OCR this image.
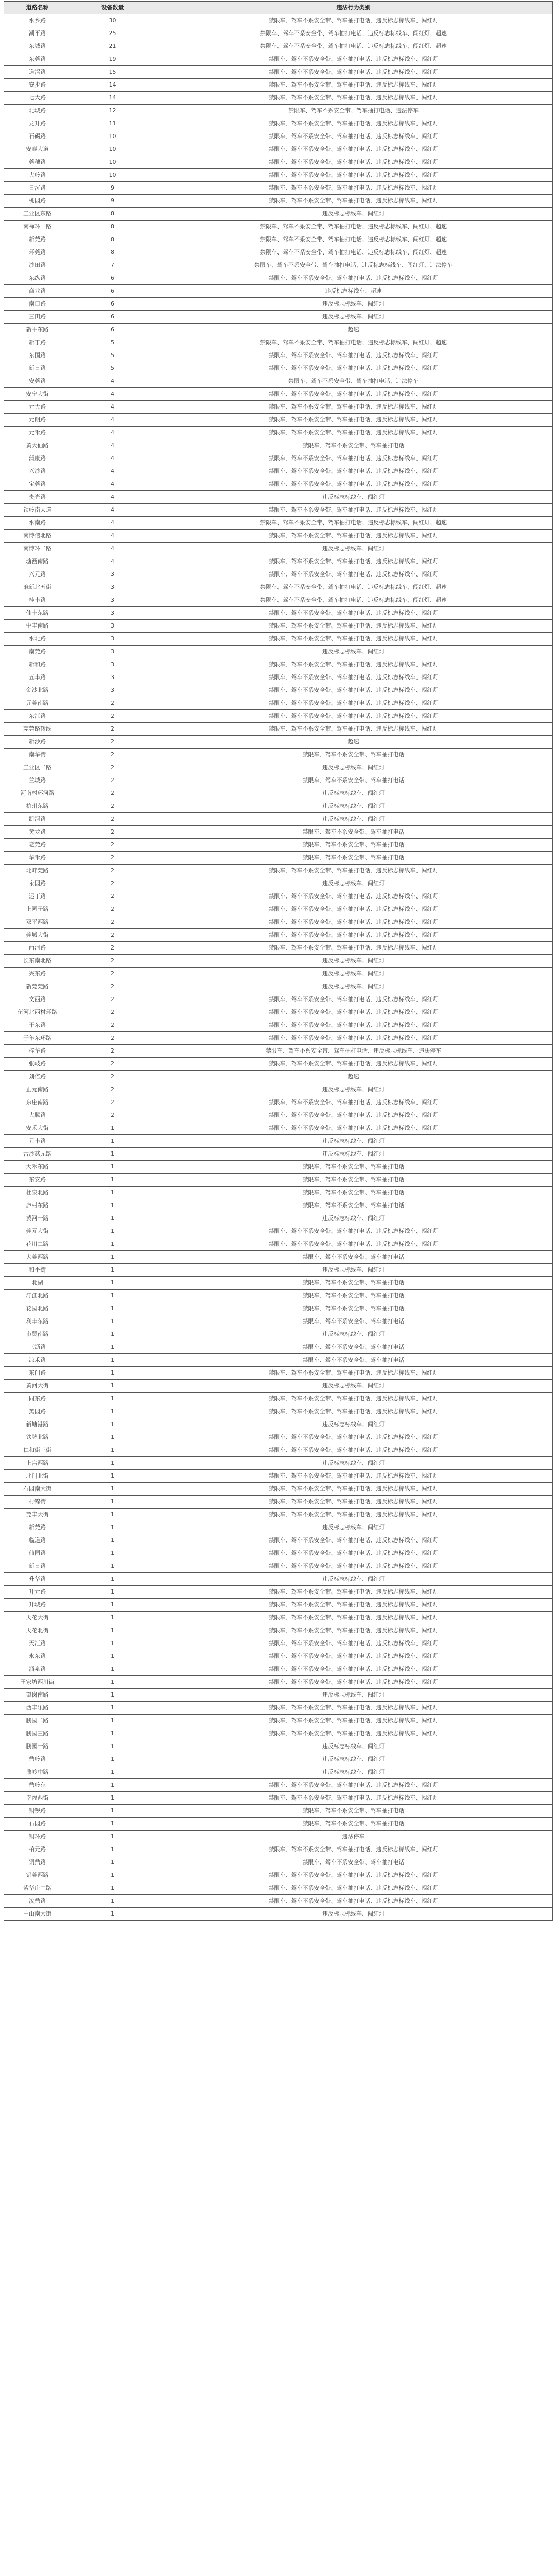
道路名称	设备数量	违法行为类别
水乡路	30	禁限车、驾车不系安全带、驾车抽打电话、违反标志标线车、闯红灯
潮平路	25	禁限车、驾车不系安全带、驾车抽打电话、违反标志标线车、闯红灯、超速
东城路	21	禁限车、驾车不系安全带、驾车抽打电话、违反标志标线车、闯红灯、超速
东莞路	19	禁限车、驾车不系安全带、驾车抽打电话、违反标志标线车、闯红灯
道滘路	15	禁限车、驾车不系安全带、驾车抽打电话、违反标志标线车、闯红灯
寮步路	14	禁限车、驾车不系安全带、驾车抽打电话、违反标志标线车、闯红灯
七大路	14	禁限车、驾车不系安全带、驾车抽打电话、违反标志标线车、闯红灯
北城路	12	禁限车、驾车不系安全带、驾车抽打电话、违法停车
龙升路	11	禁限车、驾车不系安全带、驾车抽打电话、违反标志标线车、闯红灯
石碣路	10	禁限车、驾车不系安全带、驾车抽打电话、违反标志标线车、闯红灯
安泰大道	10	禁限车、驾车不系安全带、驾车抽打电话、违反标志标线车、闯红灯
莞穗路	10	禁限车、驾车不系安全带、驾车抽打电话、违反标志标线车、闯红灯
大岭路	10	禁限车、驾车不系安全带、驾车抽打电话、违反标志标线车、闯红灯
日沉路	9	禁限车、驾车不系安全带、驾车抽打电话、违反标志标线车、闯红灯
桃园路	9	禁限车、驾车不系安全带、驾车抽打电话、违反标志标线车、闯红灯
工业区东路	8	违反标志标线车、闯红灯
南禅环一路	8	禁限车、驾车不系安全带、驾车抽打电话、违反标志标线车、闯红灯、超速
新莞路	8	禁限车、驾车不系安全带、驾车抽打电话、违反标志标线车、闯红灯、超速
环莞路	8	禁限车、驾车不系安全带、驾车抽打电话、违反标志标线车、闯红灯、超速
沙田路	7	禁限车、驾车不系安全带、驾车抽打电话、违反标志标线车、闯红灯、违法停车
东纵路	6	禁限车、驾车不系安全带、驾车抽打电话、违反标志标线车、闯红灯
商业路	6	违反标志标线车、超速
南口路	6	违反标志标线车、闯红灯
三田路	6	违反标志标线车、闯红灯
新平东路	6	超速
新丁路	5	禁限车、驾车不系安全带、驾车抽打电话、违反标志标线车、闯红灯、超速
东围路	5	禁限车、驾车不系安全带、驾车抽打电话、违反标志标线车、闯红灯
新日路	5	禁限车、驾车不系安全带、驾车抽打电话、违反标志标线车、闯红灯
安莞路	4	禁限车、驾车不系安全带、驾车抽打电话、违法停车
安宁大街	4	禁限车、驾车不系安全带、驾车抽打电话、违反标志标线车、闯红灯
元大路	4	禁限车、驾车不系安全带、驾车抽打电话、违反标志标线车、闯红灯
元朗路	4	禁限车、驾车不系安全带、驾车抽打电话、违反标志标线车、闯红灯
元禾路	4	禁限车、驾车不系安全带、驾车抽打电话、违反标志标线车、闯红灯
黄大仙路	4	禁限车、驾车不系安全带、驾车抽打电话
蒲康路	4	禁限车、驾车不系安全带、驾车抽打电话、违反标志标线车、闯红灯
兴沙路	4	禁限车、驾车不系安全带、驾车抽打电话、违反标志标线车、闯红灯
宝莞路	4	禁限车、驾车不系安全带、驾车抽打电话、违反标志标线车、闯红灯
贵光路	4	违反标志标线车、闯红灯
铁岭南大道	4	禁限车、驾车不系安全带、驾车抽打电话、违反标志标线车、闯红灯
水南路	4	禁限车、驾车不系安全带、驾车抽打电话、违反标志标线车、闯红灯、超速
南博信北路	4	禁限车、驾车不系安全带、驾车抽打电话、违反标志标线车、闯红灯
南博环二路	4	违反标志标线车、闯红灯
塘西南路	4	禁限车、驾车不系安全带、驾车抽打电话、违反标志标线车、闯红灯
兴元路	3	禁限车、驾车不系安全带、驾车抽打电话、违反标志标线车、闯红灯
麻新北五街	3	禁限车、驾车不系安全带、驾车抽打电话、违反标志标线车、闯红灯、超速
桂丰路	3	禁限车、驾车不系安全带、驾车抽打电话、违反标志标线车、闯红灯、超速
仙丰东路	3	禁限车、驾车不系安全带、驾车抽打电话、违反标志标线车、闯红灯
中丰南路	3	禁限车、驾车不系安全带、驾车抽打电话、违反标志标线车、闯红灯
水北路	3	禁限车、驾车不系安全带、驾车抽打电话、违反标志标线车、闯红灯
南莞路	3	违反标志标线车、闯红灯
新和路	3	禁限车、驾车不系安全带、驾车抽打电话、违反标志标线车、闯红灯
五丰路	3	禁限车、驾车不系安全带、驾车抽打电话、违反标志标线车、闯红灯
金沙北路	3	禁限车、驾车不系安全带、驾车抽打电话、违反标志标线车、闯红灯
元莞南路	2	禁限车、驾车不系安全带、驾车抽打电话、违反标志标线车、闯红灯
东江路	2	禁限车、驾车不系安全带、驾车抽打电话、违反标志标线车、闯红灯
莞莞路转线	2	禁限车、驾车不系安全带、驾车抽打电话、违反标志标线车、闯红灯
新沙路	2	超速
南华街	2	禁限车、驾车不系安全带、驾车抽打电话
工业区二路	2	违反标志标线车、闯红灯
兰城路	2	禁限车、驾车不系安全带、驾车抽打电话
河南村环河路	2	违反标志标线车、闯红灯
杭州东路	2	违反标志标线车、闯红灯
凯河路	2	违反标志标线车、闯红灯
黄龙路	2	禁限车、驾车不系安全带、驾车抽打电话
老莞路	2	禁限车、驾车不系安全带、驾车抽打电话
华禾路	2	禁限车、驾车不系安全带、驾车抽打电话
北畔莞路	2	禁限车、驾车不系安全带、驾车抽打电话、违反标志标线车、闯红灯
永园路	2	违反标志标线车、闯红灯
运丁路	2	禁限车、驾车不系安全带、驾车抽打电话、违反标志标线车、闯红灯
上园子路	2	禁限车、驾车不系安全带、驾车抽打电话、违反标志标线车、闯红灯
双平西路	2	禁限车、驾车不系安全带、驾车抽打电话、违反标志标线车、闯红灯
莞城大街	2	禁限车、驾车不系安全带、驾车抽打电话、违反标志标线车、闯红灯
西河路	2	禁限车、驾车不系安全带、驾车抽打电话、违反标志标线车、闯红灯
长东南北路	2	违反标志标线车、闯红灯
兴东路	2	违反标志标线车、闯红灯
新莞莞路	2	违反标志标线车、闯红灯
文西路	2	禁限车、驾车不系安全带、驾车抽打电话、违反标志标线车、闯红灯
伍河北西村环路	2	禁限车、驾车不系安全带、驾车抽打电话、违反标志标线车、闯红灯
于东路	2	禁限车、驾车不系安全带、驾车抽打电话、违反标志标线车、闯红灯
于年东环路	2	禁限车、驾车不系安全带、驾车抽打电话、违反标志标线车、闯红灯
梓华路	2	禁限车、驾车不系安全带、驾车抽打电话、违反标志标线车、违法停车
张岐路	2	禁限车、驾车不系安全带、驾车抽打电话、违反标志标线车、闯红灯
刘倍路	2	超速
正元南路	2	违反标志标线车、闯红灯
东庄南路	2	禁限车、驾车不系安全带、驾车抽打电话、违反标志标线车、闯红灯
大腾路	2	禁限车、驾车不系安全带、驾车抽打电话、违反标志标线车、闯红灯
安禾大街	1	禁限车、驾车不系安全带、驾车抽打电话、违反标志标线车、闯红灯
元丰路	1	违反标志标线车、闯红灯
古沙慈元路	1	违反标志标线车、闯红灯
大禾东路	1	禁限车、驾车不系安全带、驾车抽打电话
东安路	1	禁限车、驾车不系安全带、驾车抽打电话
杜泉北路	1	禁限车、驾车不系安全带、驾车抽打电话
庐村东路	1	禁限车、驾车不系安全带、驾车抽打电话
黄河一路	1	违反标志标线车、闯红灯
莞元大街	1	禁限车、驾车不系安全带、驾车抽打电话、违反标志标线车、闯红灯
花川二路	1	禁限车、驾车不系安全带、驾车抽打电话、违反标志标线车、闯红灯
大莞西路	1	禁限车、驾车不系安全带、驾车抽打电话
和平街	1	违反标志标线车、闯红灯
北湖	1	禁限车、驾车不系安全带、驾车抽打电话
汀江北路	1	禁限车、驾车不系安全带、驾车抽打电话
花园北路	1	禁限车、驾车不系安全带、驾车抽打电话
利丰东路	1	禁限车、驾车不系安全带、驾车抽打电话
市贸南路	1	违反标志标线车、闯红灯
三沥路	1	禁限车、驾车不系安全带、驾车抽打电话
凉禾路	1	禁限车、驾车不系安全带、驾车抽打电话
东门路	1	禁限车、驾车不系安全带、驾车抽打电话、违反标志标线车、闯红灯
黄河大街	1	违反标志标线车、闯红灯
同东路	1	禁限车、驾车不系安全带、驾车抽打电话、违反标志标线车、闯红灯
蕉园路	1	禁限车、驾车不系安全带、驾车抽打电话、违反标志标线车、闯红灯
新塘港路	1	违反标志标线车、闯红灯
铁牌北路	1	禁限车、驾车不系安全带、驾车抽打电话、违反标志标线车、闯红灯
仁和街三街	1	禁限车、驾车不系安全带、驾车抽打电话、违反标志标线车、闯红灯
上宫西路	1	违反标志标线车、闯红灯
北门北街	1	禁限车、驾车不系安全带、驾车抽打电话、违反标志标线车、闯红灯
石园南大街	1	禁限车、驾车不系安全带、驾车抽打电话、违反标志标线车、闯红灯
村锦街	1	禁限车、驾车不系安全带、驾车抽打电话、违反标志标线车、闯红灯
莞丰大街	1	禁限车、驾车不系安全带、驾车抽打电话、违反标志标线车、闯红灯
新莞路	1	违反标志标线车、闯红灯
临道路	1	禁限车、驾车不系安全带、驾车抽打电话、违反标志标线车、闯红灯
仙园路	1	禁限车、驾车不系安全带、驾车抽打电话、违反标志标线车、闯红灯
新日路	1	禁限车、驾车不系安全带、驾车抽打电话、违反标志标线车、闯红灯
升华路	1	违反标志标线车、闯红灯
升元路	1	禁限车、驾车不系安全带、驾车抽打电话、违反标志标线车、闯红灯
升城路	1	禁限车、驾车不系安全带、驾车抽打电话、违反标志标线车、闯红灯
天花大街	1	禁限车、驾车不系安全带、驾车抽打电话、违反标志标线车、闯红灯
天花北街	1	禁限车、驾车不系安全带、驾车抽打电话、违反标志标线车、闯红灯
天汇路	1	禁限车、驾车不系安全带、驾车抽打电话、违反标志标线车、闯红灯
永东路	1	禁限车、驾车不系安全带、驾车抽打电话、违反标志标线车、闯红灯
涌泉路	1	禁限车、驾车不系安全带、驾车抽打电话、违反标志标线车、闯红灯
王家坊西川街	1	禁限车、驾车不系安全带、驾车抽打电话、违反标志标线车、闯红灯
望岗南路	1	违反标志标线车、闯红灯
西丰乐路	1	禁限车、驾车不系安全带、驾车抽打电话、违反标志标线车、闯红灯
鹏园二路	1	禁限车、驾车不系安全带、驾车抽打电话、违反标志标线车、闯红灯
鹏园三路	1	禁限车、驾车不系安全带、驾车抽打电话、违反标志标线车、闯红灯
鹏园一路	1	违反标志标线车、闯红灯
鼎岭路	1	违反标志标线车、闯红灯
鼎岭中路	1	违反标志标线车、闯红灯
鼎岭东	1	禁限车、驾车不系安全带、驾车抽打电话、违反标志标线车、闯红灯
幸福西街	1	禁限车、驾车不系安全带、驾车抽打电话、违反标志标线车、闯红灯
铜锣路	1	禁限车、驾车不系安全带、驾车抽打电话
石园路	1	禁限车、驾车不系安全带、驾车抽打电话
铜环路	1	违法停车
柏元路	1	禁限车、驾车不系安全带、驾车抽打电话、违反标志标线车、闯红灯
铜鼎路	1	禁限车、驾车不系安全带、驾车抽打电话
铝莞西路	1	禁限车、驾车不系安全带、驾车抽打电话、违反标志标线车、闯红灯
紫华庄中路	1	禁限车、驾车不系安全带、驾车抽打电话、违反标志标线车、闯红灯
汝鼎路	1	禁限车、驾车不系安全带、驾车抽打电话、违反标志标线车、闯红灯
中山南大街	1	违反标志标线车、闯红灯
